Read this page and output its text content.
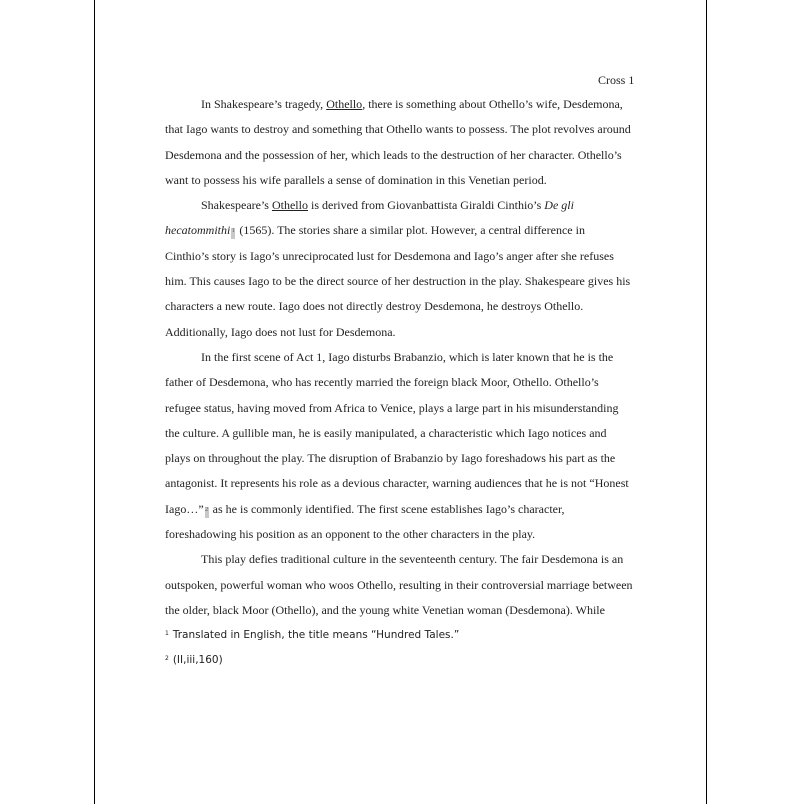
Cross 1
In Shakespeare’s tragedy, Othello, there is something about Othello’s wife, Desdemona,
that Iago wants to destroy and something that Othello wants to possess. The plot revolves around
Desdemona and the possession of her, which leads to the destruction of her character. Othello’s
want to possess his wife parallels a sense of domination in this Venetian period.
Shakespeare’s Othello is derived from Giovanbattista Giraldi Cinthio’s De gli
hecatommithi 1 (1565). The stories share a similar plot. However, a central difference in
Cinthio’s story is Iago’s unreciprocated lust for Desdemona and Iago’s anger after she refuses
him. This causes Iago to be the direct source of her destruction in the play. Shakespeare gives his
characters a new route. Iago does not directly destroy Desdemona, he destroys Othello.
Additionally, Iago does not lust for Desdemona.
In the first scene of Act 1, Iago disturbs Brabanzio, which is later known that he is the
father of Desdemona, who has recently married the foreign black Moor, Othello. Othello’s
refugee status, having moved from Africa to Venice, plays a large part in his misunderstanding
the culture. A gullible man, he is easily manipulated, a characteristic which Iago notices and
plays on throughout the play. The disruption of Brabanzio by Iago foreshadows his part as the
antagonist. It represents his role as a devious character, warning audiences that he is not “Honest
Iago…” 2 as he is commonly identified. The first scene establishes Iago’s character,
foreshadowing his position as an opponent to the other characters in the play.
This play defies traditional culture in the seventeenth century. The fair Desdemona is an
outspoken, powerful woman who woos Othello, resulting in their controversial marriage between
the older, black Moor (Othello), and the young white Venetian woman (Desdemona). While
$^1$ Translated in English, the title means “Hundred Tales.”
$^2$ (II,iii,160)
